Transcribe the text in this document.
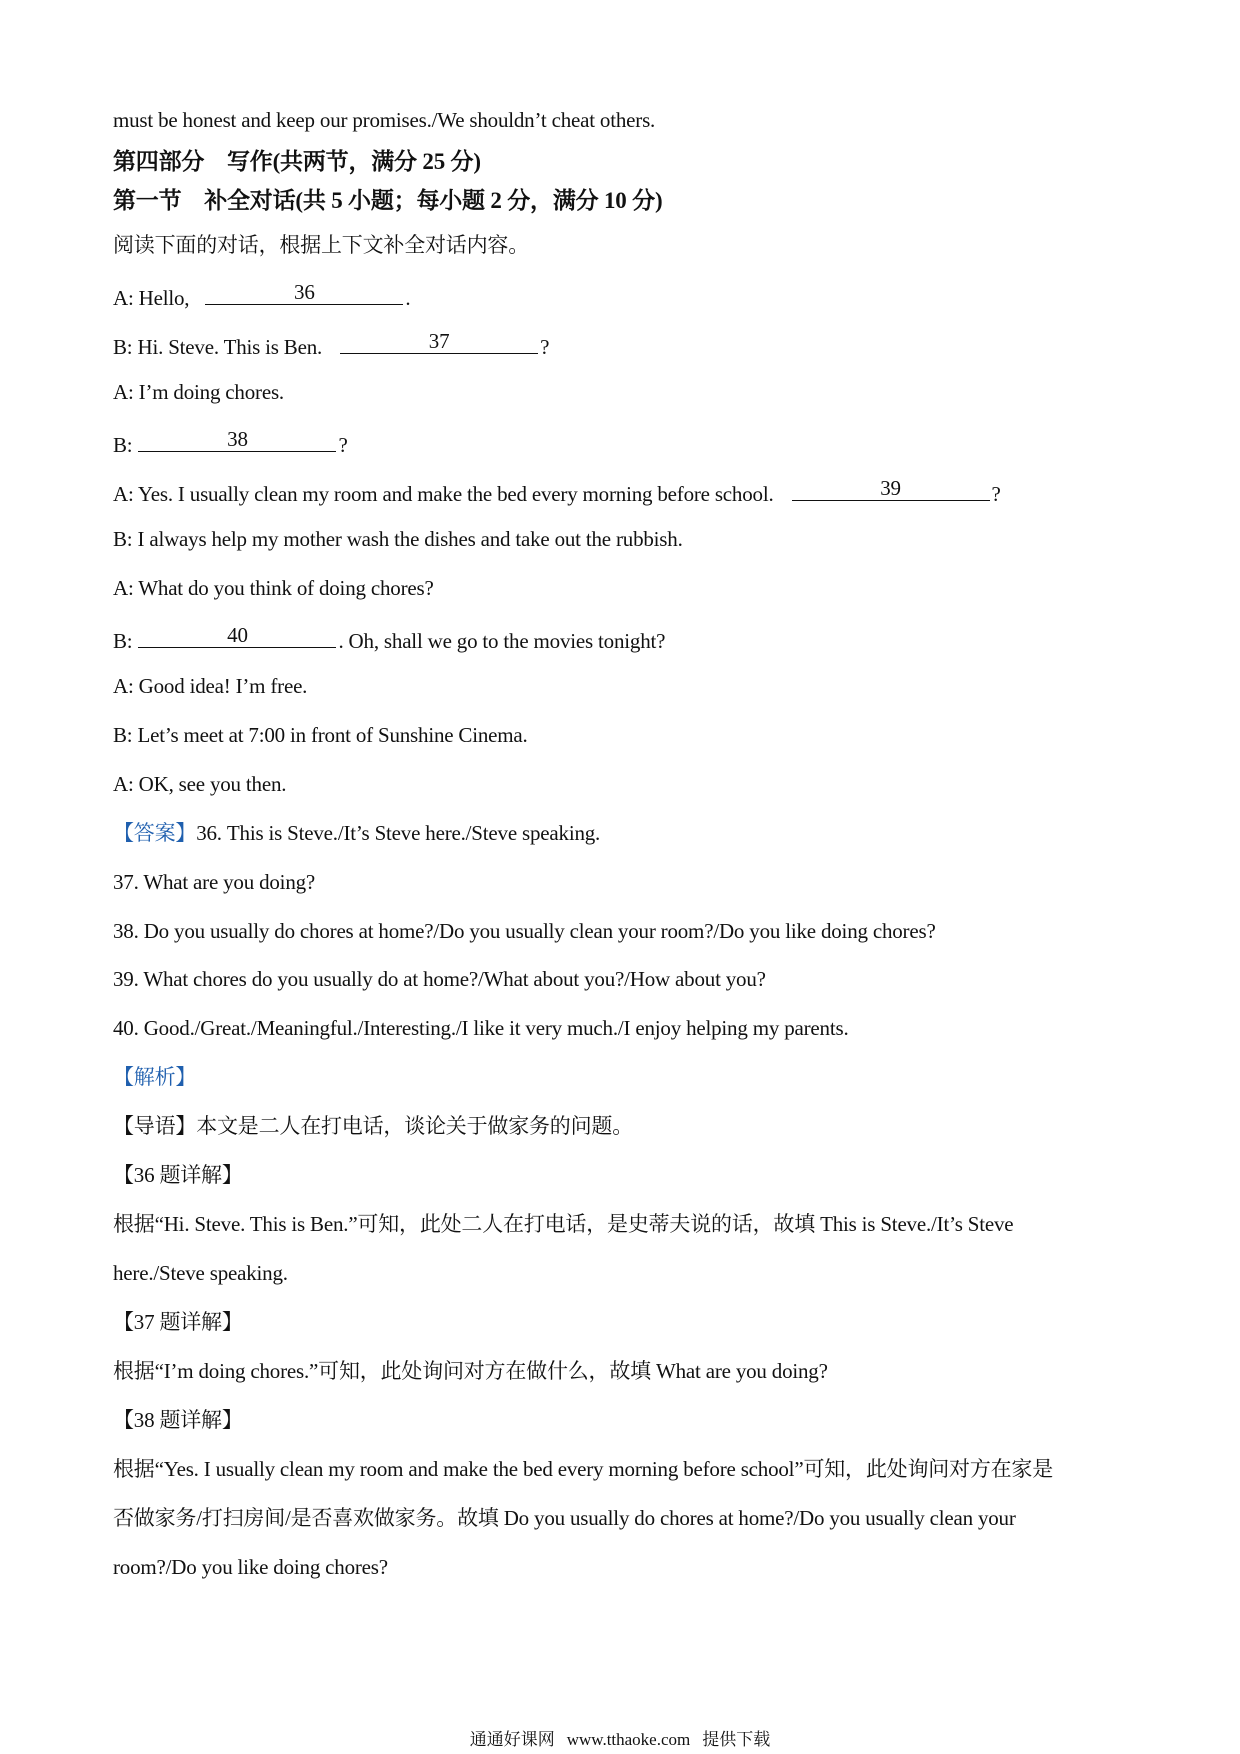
must be honest and keep our promises./We shouldn’t cheat others.
第四部分　写作(共两节，满分 25 分)
第一节　补全对话(共 5 小题；每小题 2 分，满分 10 分)
阅读下面的对话，根据上下文补全对话内容。
A: Hello,	36	.
B: Hi. Steve. This is Ben.	37	?
A: I’m doing chores.
B:	38	?
A: Yes. I usually clean my room and make the bed every morning before school.	39	?
B: I always help my mother wash the dishes and take out the rubbish.
A: What do you think of doing chores?
B:	40	. Oh, shall we go to the movies tonight?
A: Good idea! I’m free.
B: Let’s meet at 7:00 in front of Sunshine Cinema.
A: OK, see you then.
【答案】36. This is Steve./It’s Steve here./Steve speaking.
37. What are you doing?
38. Do you usually do chores at home?/Do you usually clean your room?/Do you like doing chores?
39. What chores do you usually do at home?/What about you?/How about you?
40. Good./Great./Meaningful./Interesting./I like it very much./I enjoy helping my parents.
【解析】
【导语】本文是二人在打电话，谈论关于做家务的问题。
【36 题详解】
根据“Hi. Steve. This is Ben.”可知，此处二人在打电话，是史蒂夫说的话，故填 This is Steve./It’s Steve
here./Steve speaking.
【37 题详解】
根据“I’m doing chores.”可知，此处询问对方在做什么，故填 What are you doing?
【38 题详解】
根据“Yes. I usually clean my room and make the bed every morning before school”可知，此处询问对方在家是
否做家务/打扫房间/是否喜欢做家务。故填 Do you usually do chores at home?/Do you usually clean your
room?/Do you like doing chores?
通通好课网 www.tthaoke.com 提供下载
